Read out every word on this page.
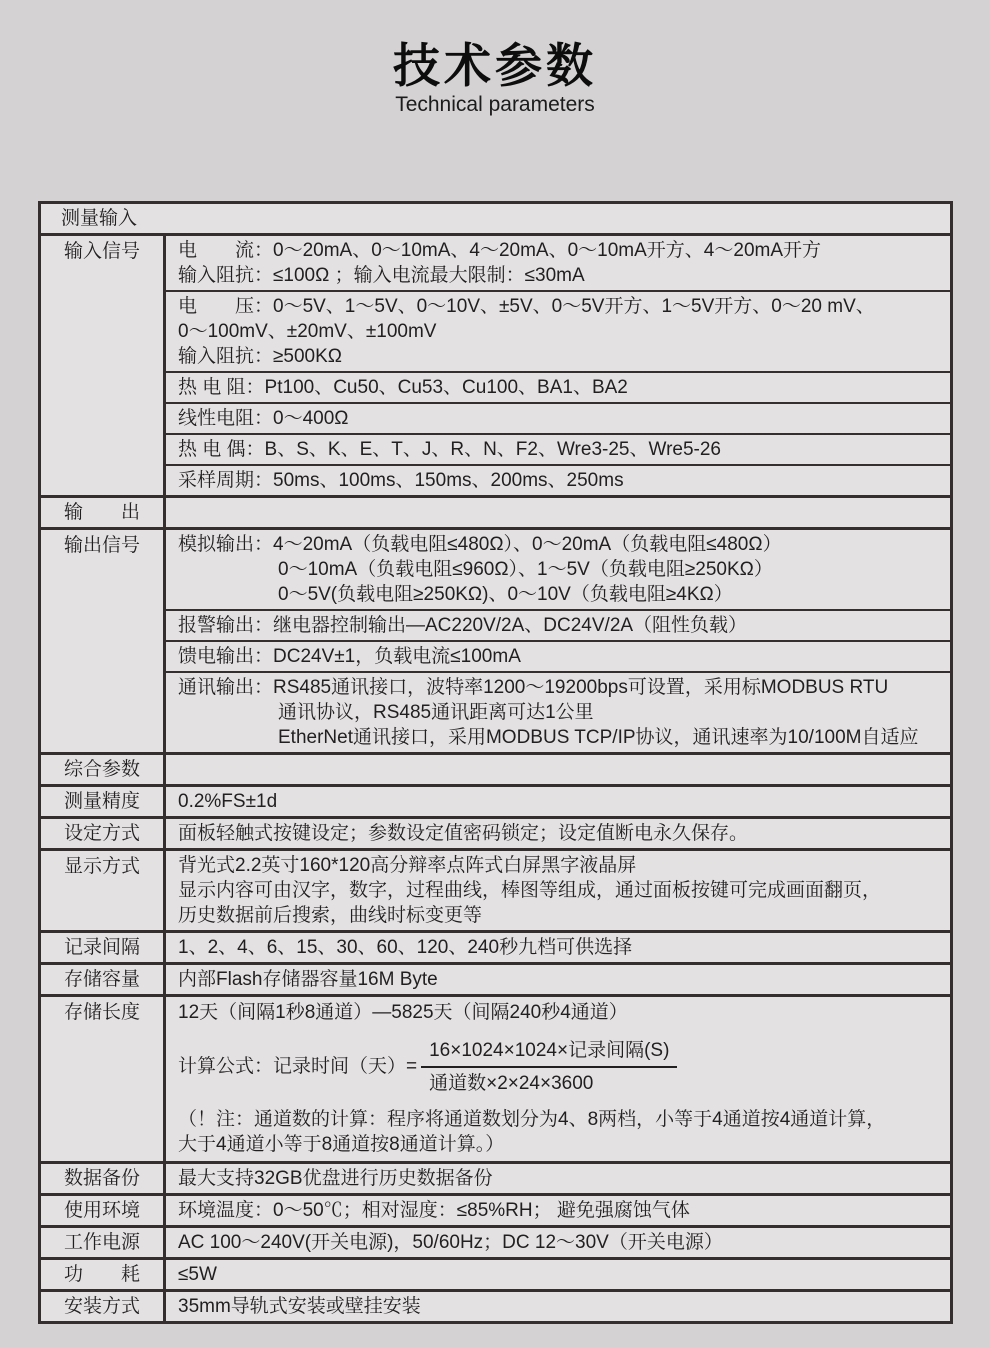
技术参数
Technical parameters
测量输入
输入信号	电　　流：0～20mA、0～10mA、4～20mA、0～10mA开方、4～20mA开方
输入阻抗：≤100Ω ；输入电流最大限制：≤30mA
电　　压：0～5V、1～5V、0～10V、±5V、0～5V开方、1～5V开方、0～20 mV、
0～100mV、±20mV、±100mV
输入阻抗：≥500KΩ
热 电 阻：Pt100、Cu50、Cu53、Cu100、BA1、BA2
线性电阻：0～400Ω
热 电 偶：B、S、K、E、T、J、R、N、F2、Wre3-25、Wre5-26
采样周期：50ms、100ms、150ms、200ms、250ms
输　　出
输出信号	模拟输出：4～20mA（负载电阻≤480Ω）、0～20mA（负载电阻≤480Ω）
0～10mA（负载电阻≤960Ω）、1～5V（负载电阻≥250KΩ）
0～5V(负载电阻≥250KΩ)、0～10V（负载电阻≥4KΩ）
报警输出：继电器控制输出—AC220V/2A、DC24V/2A（阻性负载）
馈电输出：DC24V±1，负载电流≤100mA
通讯输出：RS485通讯接口，波特率1200～19200bps可设置，采用标MODBUS RTU
通讯协议，RS485通讯距离可达1公里
EtherNet通讯接口，采用MODBUS TCP/IP协议，通讯速率为10/100M自适应
综合参数
测量精度	0.2%FS±1d
设定方式	面板轻触式按键设定；参数设定值密码锁定；设定值断电永久保存。
显示方式	背光式2.2英寸160*120高分辩率点阵式白屏黑字液晶屏
显示内容可由汉字，数字，过程曲线，棒图等组成，通过面板按键可完成画面翻页，
历史数据前后搜索，曲线时标变更等
记录间隔	1、2、4、6、15、30、60、120、240秒九档可供选择
存储容量	内部Flash存储器容量16M Byte
存储长度	12天（间隔1秒8通道）—5825天（间隔240秒4通道）
计算公式：记录时间（天）= $\frac{\text{16×1024×1024×记录间隔(S)}}{\text{通道数×2×24×3600}}$
（！注：通道数的计算：程序将通道数划分为4、8两档，小等于4通道按4通道计算，
大于4通道小等于8通道按8通道计算。）
数据备份	最大支持32GB优盘进行历史数据备份
使用环境	环境温度：0～50℃；相对湿度：≤85%RH； 避免强腐蚀气体
工作电源	AC 100～240V(开关电源)，50/60Hz；DC 12～30V（开关电源）
功　　耗	≤5W
安装方式	35mm导轨式安装或壁挂安装
